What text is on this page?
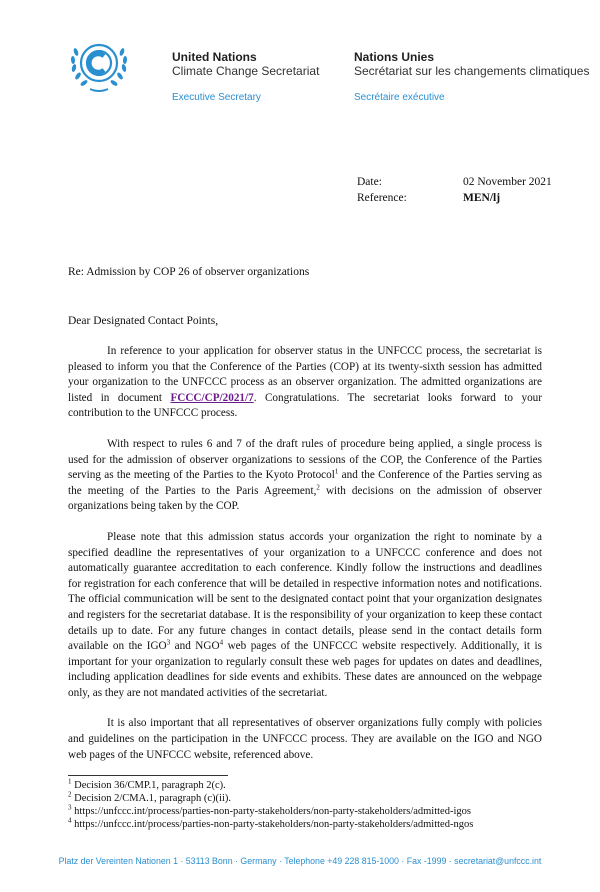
United Nations
Climate Change Secretariat
Executive Secretary
Nations Unies
Secrétariat sur les changements climatiques
Secrétaire exécutive
Date:	02 November 2021
Reference:	MEN/lj
Re: Admission by COP 26 of observer organizations
Dear Designated Contact Points,

In reference to your application for observer status in the UNFCCC process, the secretariat is pleased to inform you that the Conference of the Parties (COP) at its twenty-sixth session has admitted your organization to the UNFCCC process as an observer organization. The admitted organizations are listed in document FCCC/CP/2021/7. Congratulations. The secretariat looks forward to your contribution to the UNFCCC process.

With respect to rules 6 and 7 of the draft rules of procedure being applied, a single process is used for the admission of observer organizations to sessions of the COP, the Conference of the Parties serving as the meeting of the Parties to the Kyoto Protocol$^1$ and the Conference of the Parties serving as the meeting of the Parties to the Paris Agreement,$^2$ with decisions on the admission of observer organizations being taken by the COP.

Please note that this admission status accords your organization the right to nominate by a specified deadline the representatives of your organization to a UNFCCC conference and does not automatically guarantee accreditation to each conference. Kindly follow the instructions and deadlines for registration for each conference that will be detailed in respective information notes and notifications. The official communication will be sent to the designated contact point that your organization designates and registers for the secretariat database. It is the responsibility of your organization to keep these contact details up to date. For any future changes in contact details, please send in the contact details form available on the IGO$^3$ and NGO$^4$ web pages of the UNFCCC website respectively. Additionally, it is important for your organization to regularly consult these web pages for updates on dates and deadlines, including application deadlines for side events and exhibits. These dates are announced on the webpage only, as they are not mandated activities of the secretariat.

It is also important that all representatives of observer organizations fully comply with policies and guidelines on the participation in the UNFCCC process. They are available on the IGO and NGO web pages of the UNFCCC website, referenced above.

$^1$ Decision 36/CMP.1, paragraph 2(c).
$^2$ Decision 2/CMA.1, paragraph (c)(ii).
$^3$ https://unfccc.int/process/parties-non-party-stakeholders/non-party-stakeholders/admitted-igos
$^4$ https://unfccc.int/process/parties-non-party-stakeholders/non-party-stakeholders/admitted-ngos
Platz der Vereinten Nationen 1 · 53113 Bonn · Germany · Telephone +49 228 815-1000 · Fax -1999 · secretariat@unfccc.int
